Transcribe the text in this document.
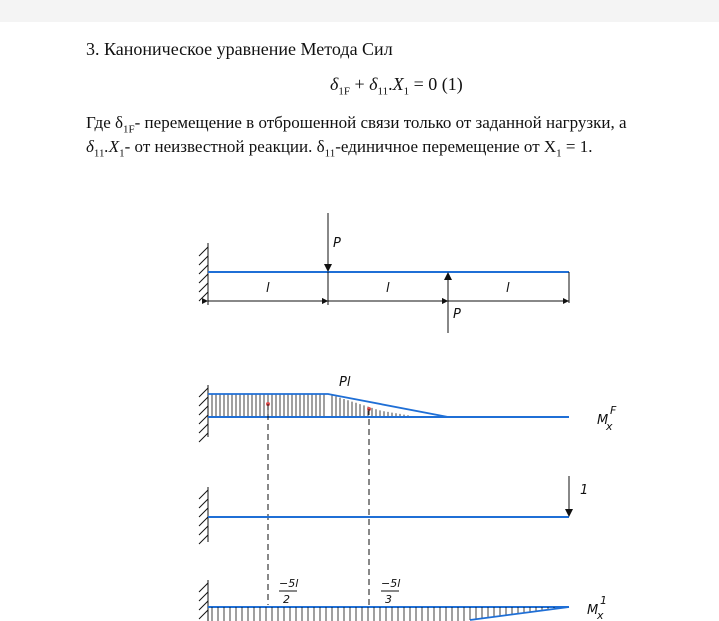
3. Каноническое уравнение Метода Сил
$\delta_{1F} + \delta_{11}.X_1 = 0$ (1)
Где $\delta_{1F}-$ перемещение в отброшенной связи только от заданной нагрузки, а
$\delta_{11}.X_1-$ от неизвестной реакции. $\delta_{11}$-единичное перемещение от $X_1 = 1$.
P
P
l	l	l
Pl
M
F
x
1
−5l
2
−5l
3
M
1
x
